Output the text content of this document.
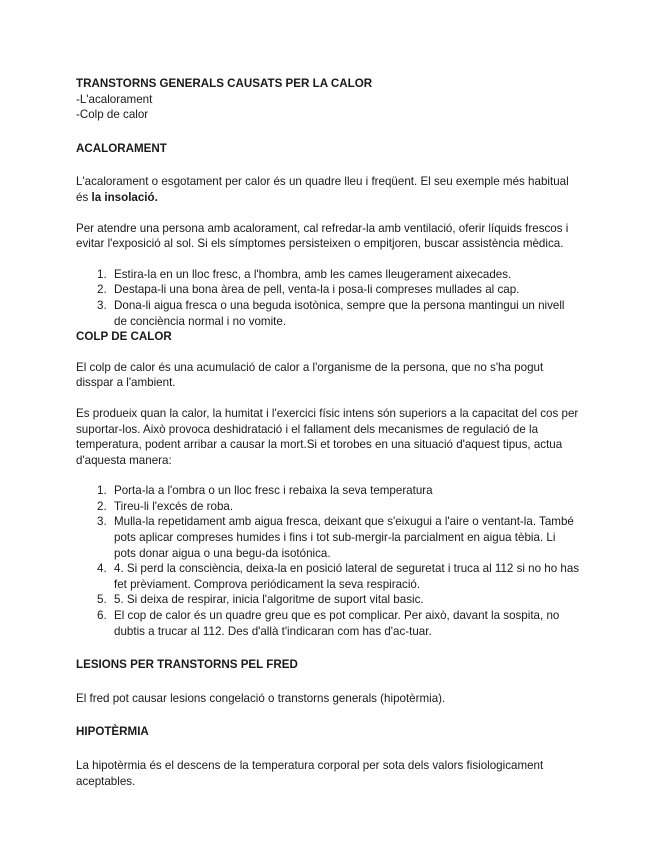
TRANSTORNS GENERALS CAUSATS PER LA CALOR

-L'acalorament

-Colp de calor

ACALORAMENT

L'acalorament o esgotament per calor és un quadre lleu i freqüent. El seu exemple més habitual és la insolació.

Per atendre una persona amb acalorament, cal refredar-la amb ventilació, oferir líquids frescos i evitar l'exposició al sol. Si els símptomes persisteixen o empitjoren, buscar assistència mèdica.

1. Estira-la en un lloc fresc, a l'hombra, amb les cames lleugerament aixecades.
2. Destapa-li una bona àrea de pell, venta-la i posa-li compreses mullades al cap.
3. Dona-li aigua fresca o una beguda isotònica, sempre que la persona mantingui un nivell de conciència normal i no vomite.

COLP DE CALOR

El colp de calor és una acumulació de calor a l'organisme de la persona, que no s'ha pogut disspar a l'ambient.

Es produeix quan la calor, la humitat i l'exercici físic intens són superiors a la capacitat del cos per suportar-los. Això provoca deshidratació i el fallament dels mecanismes de regulació de la temperatura, podent arribar a causar la mort.Si et torobes en una situació d'aquest tipus, actua d'aquesta manera:

1. Porta-la a l'ombra o un lloc fresc i rebaixa la seva temperatura
2. Tireu-li l'excés de roba.
3. Mulla-la repetidament amb aigua fresca, deixant que s'eixugui a l'aire o ventant-la. També pots aplicar compreses humides i fins i tot sub-mergir-la parcialment en aigua tèbia. Li pots donar aigua o una begu-da isotónica.
4. 4. Si perd la consciència, deixa-la en posició lateral de seguretat i truca al 112 si no ho has fet prèviament. Comprova periódicament la seva respiració.
5. 5. Si deixa de respirar, inicia l'algoritme de suport vital basic.
6. El cop de calor és un quadre greu que es pot complicar. Per això, davant la sospita, no dubtis a trucar al 112. Des d'allà t'indicaran com has d'ac-tuar.

LESIONS PER TRANSTORNS PEL FRED

El fred pot causar lesions congelació o transtorns generals (hipotèrmia).

HIPOTÈRMIA

La hipotèrmia és el descens de la temperatura corporal per sota dels valors fisiologicament aceptables.
